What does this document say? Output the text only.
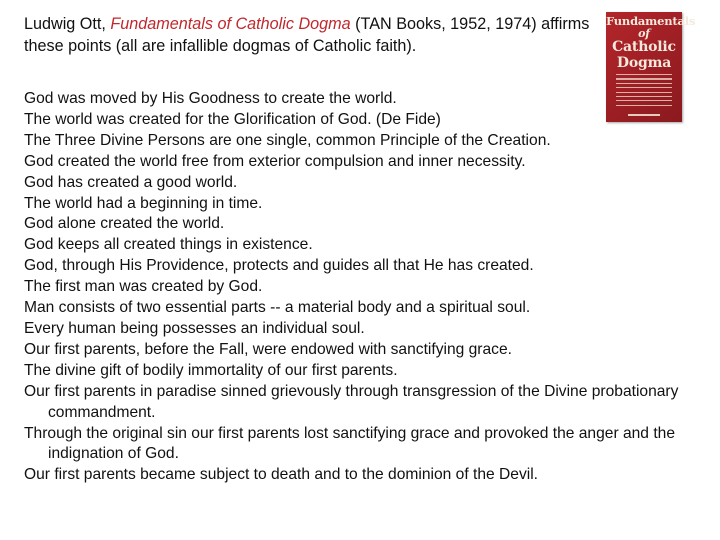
Ludwig Ott, Fundamentals of Catholic Dogma (TAN Books, 1952, 1974) affirms these points (all are infallible dogmas of Catholic faith).

Fundamentals
of
Catholic
Dogma
God was moved by His Goodness to create the world.
The world was created for the Glorification of God. (De Fide)
The Three Divine Persons are one single, common Principle of the Creation.
God created the world free from exterior compulsion and inner necessity.
God has created a good world.
The world had a beginning in time.
God alone created the world.
God keeps all created things in existence.
God, through His Providence, protects and guides all that He has created.
The first man was created by God.
Man consists of two essential parts -- a material body and a spiritual soul.
Every human being possesses an individual soul.
Our first parents, before the Fall, were endowed with sanctifying grace.
The divine gift of bodily immortality of our first parents.
Our first parents in paradise sinned grievously through transgression of the Divine probationary commandment.
Through the original sin our first parents lost sanctifying grace and provoked the anger and the indignation of God.
Our first parents became subject to death and to the dominion of the Devil.
